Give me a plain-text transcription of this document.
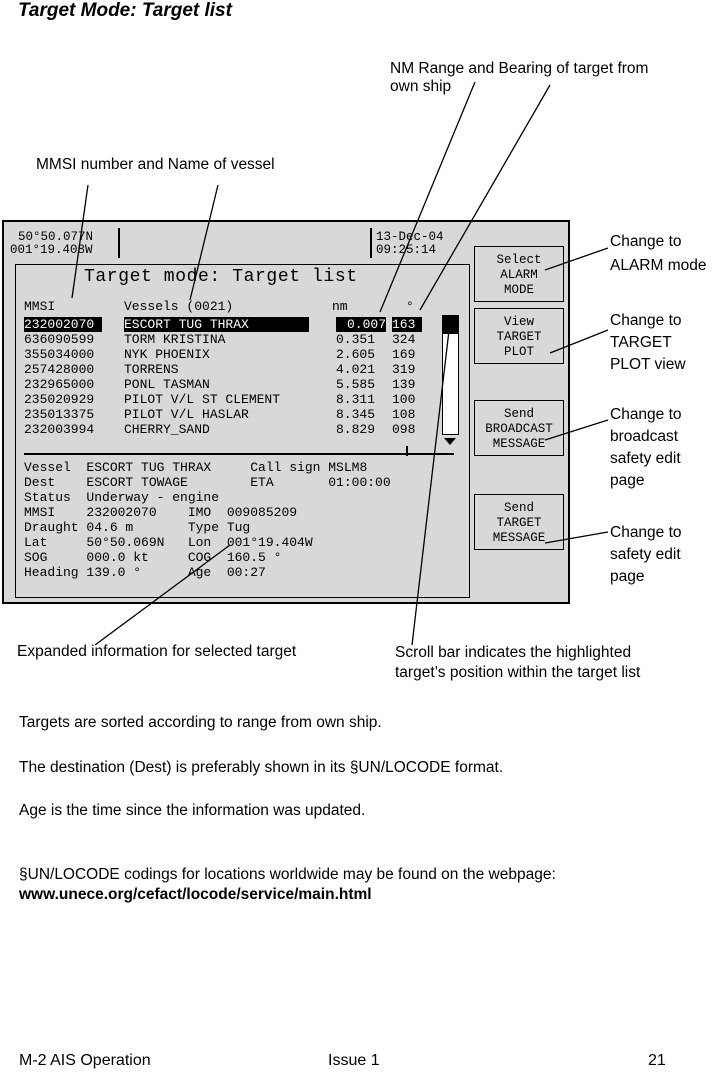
Target Mode: Target list
NM Range and Bearing of target from
own ship
MMSI number and Name of vessel
Change to
ALARM mode
Change to
TARGET
PLOT view
Change to
broadcast
safety edit
page
Change to
safety edit
page
Expanded information for selected target	Scroll bar indicates the highlighted
target’s position within the target list
50°50.077N
001°19.408W
13-Dec-04
09:25:14
Target mode: Target list
MMSI	Vessels (0021)	nm	°
232002070	ESCORT TUG THRAX	0.007 163
636090599 TORM KRISTINA	0.351 324
355034000 NYK PHOENIX	2.605 169
257428000 TORRENS	4.021 319
232965000 PONL TASMAN	5.585 139
235020929 PILOT V/L ST CLEMENT	8.311 100
235013375 PILOT V/L HASLAR	8.345 108
232003994 CHERRY_SAND	8.829 098
Vessel  ESCORT TUG THRAX     Call sign MSLM8
Dest    ESCORT TOWAGE        ETA       01:00:00
Status  Underway - engine
MMSI    232002070    IMO  009085209
Draught 04.6 m       Type Tug
Lat     50°50.069N   Lon  001°19.404W
SOG     000.0 kt     COG  160.5 °
Heading 139.0 °      Age  00:27
Select
ALARM
MODE
View
TARGET
PLOT
Send
BROADCAST
MESSAGE
Send
TARGET
MESSAGE
Targets are sorted according to range from own ship.
The destination (Dest) is preferably shown in its §UN/LOCODE format.
Age is the time since the information was updated.
§UN/LOCODE codings for locations worldwide may be found on the webpage:
www.unece.org/cefact/locode/service/main.html
M-2 AIS Operation	Issue 1	21
